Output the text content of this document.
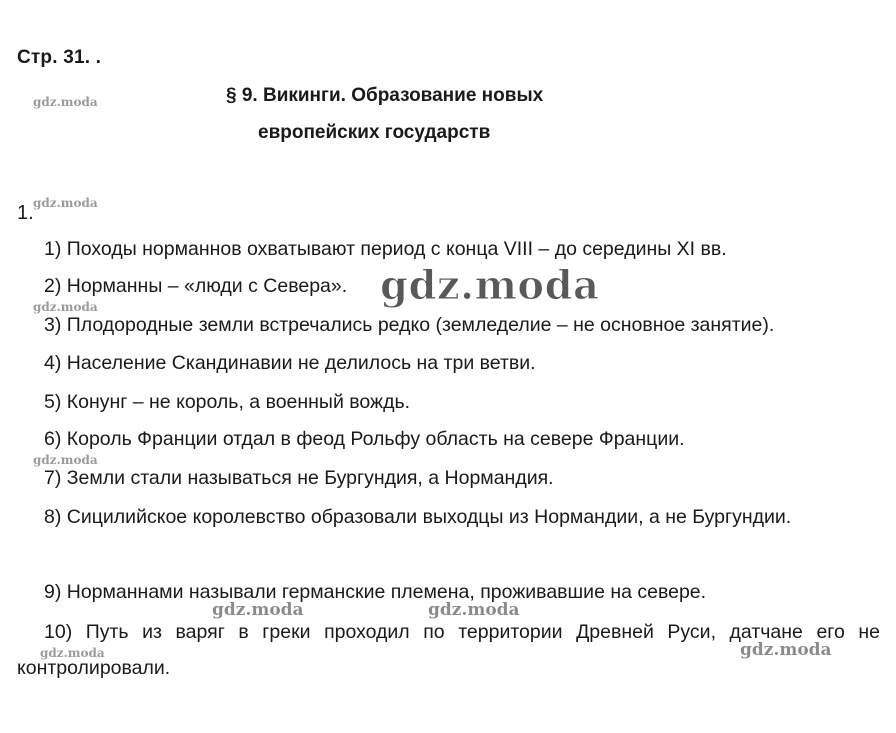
Стр. 31. .
§ 9. Викинги. Образование новых
европейских государств
1.
1) Походы норманнов охватывают период с конца VIII – до середины XI вв.
2) Норманны – «люди с Севера».
3) Плодородные земли встречались редко (земледелие – не основное занятие).
4) Население Скандинавии не делилось на три ветви.
5) Конунг – не король, а военный вождь.
6) Король Франции отдал в феод Рольфу область на севере Франции.
7) Земли стали называться не Бургундия, а Нормандия.
8) Сицилийское королевство образовали выходцы из Нормандии, а не Бургундии.
9) Норманнами называли германские племена, проживавшие на севере.
10) Путь из варяг в греки проходил по территории Древней Руси, датчане его не контролировали.
gdz.moda
gdz.moda
gdz.moda
gdz.moda
gdz.moda
gdz.moda	gdz.moda
gdz.moda	gdz.moda
